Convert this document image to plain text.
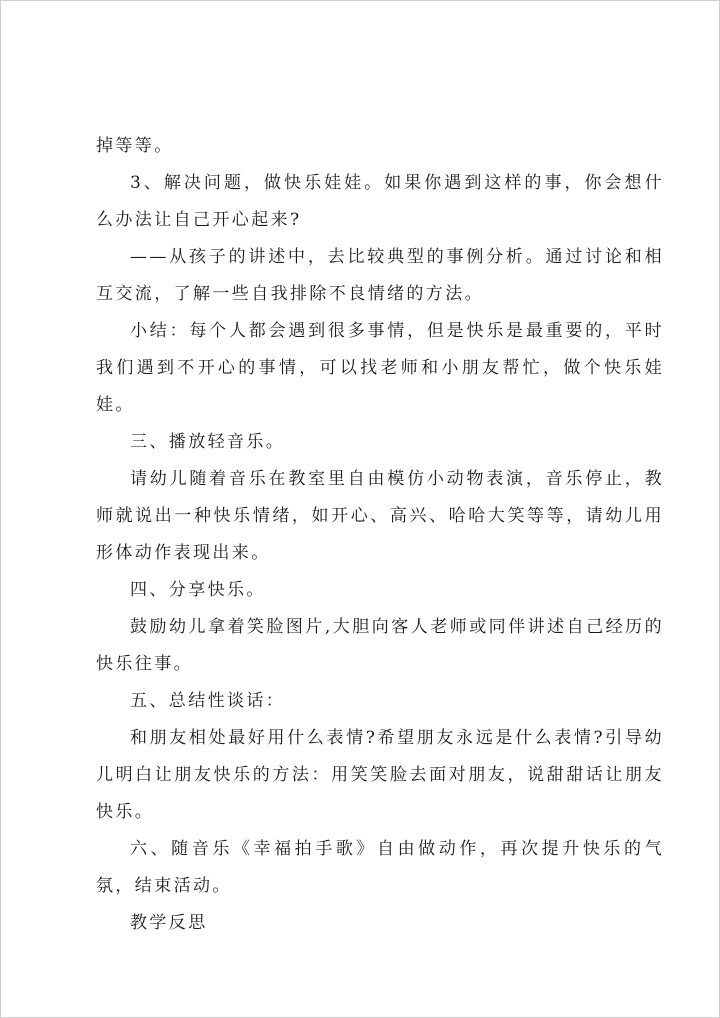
掉等等。

3、解决问题，做快乐娃娃。如果你遇到这样的事，你会想什么办法让自己开心起来?

——从孩子的讲述中，去比较典型的事例分析。通过讨论和相互交流，了解一些自我排除不良情绪的方法。

小结：每个人都会遇到很多事情，但是快乐是最重要的，平时我们遇到不开心的事情，可以找老师和小朋友帮忙，做个快乐娃娃。

三、播放轻音乐。

请幼儿随着音乐在教室里自由模仿小动物表演，音乐停止，教师就说出一种快乐情绪，如开心、高兴、哈哈大笑等等，请幼儿用形体动作表现出来。

四、分享快乐。

鼓励幼儿拿着笑脸图片,大胆向客人老师或同伴讲述自己经历的快乐往事。

五、总结性谈话：

和朋友相处最好用什么表情?希望朋友永远是什么表情?引导幼儿明白让朋友快乐的方法：用笑笑脸去面对朋友，说甜甜话让朋友快乐。

六、随音乐《幸福拍手歌》自由做动作，再次提升快乐的气氛，结束活动。

教学反思
